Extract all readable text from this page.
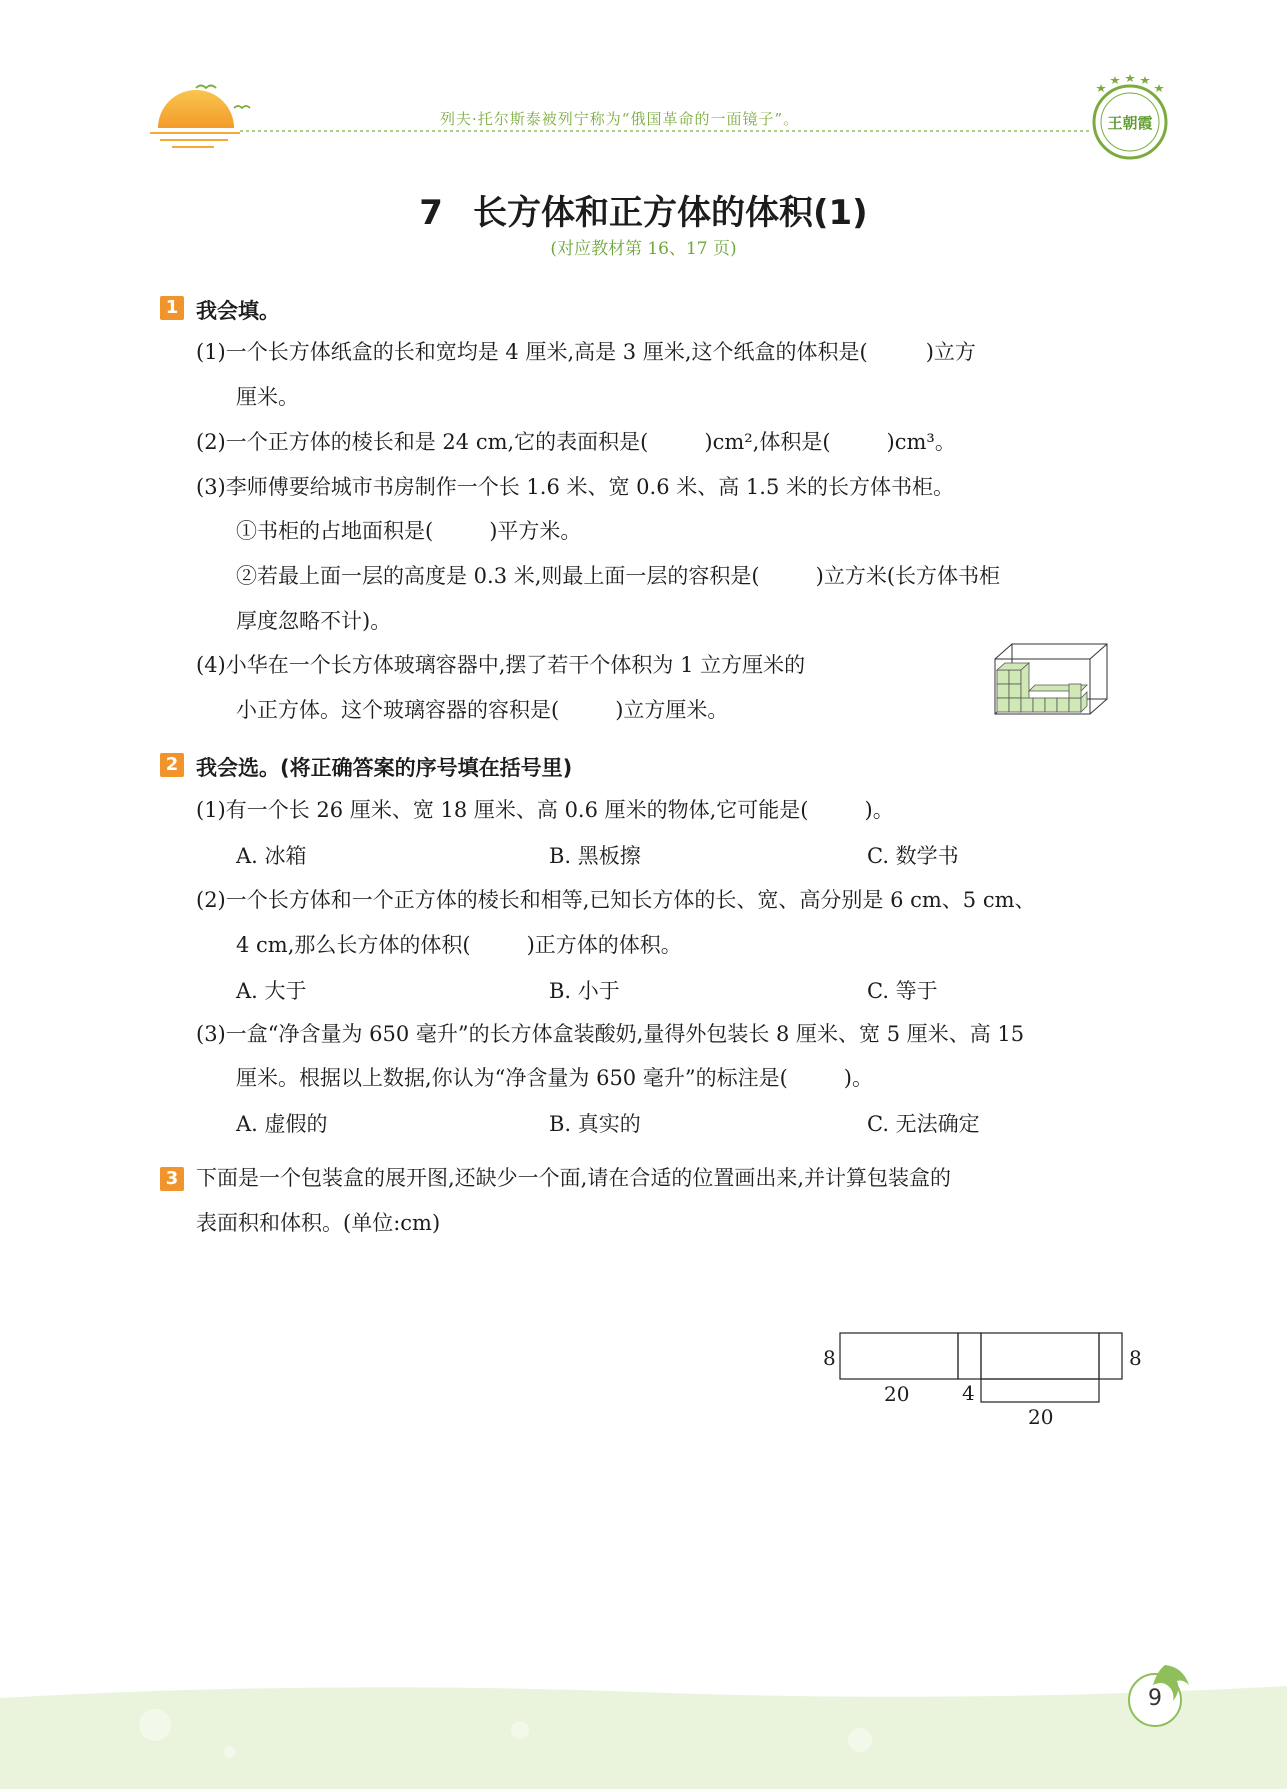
王朝霞
列夫·托尔斯泰被列宁称为“俄国革命的一面镜子”。
7 长方体和正方体的体积(1)
(对应教材第 16、17 页)
1 我会填。
(1)一个长方体纸盒的长和宽均是 4 厘米,高是 3 厘米,这个纸盒的体积是(	)立方
厘米。
(2)一个正方体的棱长和是 24 cm,它的表面积是(	)cm²,体积是(	)cm³。
(3)李师傅要给城市书房制作一个长 1.6 米、宽 0.6 米、高 1.5 米的长方体书柜。
①书柜的占地面积是(	)平方米。
②若最上面一层的高度是 0.3 米,则最上面一层的容积是(	)立方米(长方体书柜
厚度忽略不计)。
(4)小华在一个长方体玻璃容器中,摆了若干个体积为 1 立方厘米的
小正方体。这个玻璃容器的容积是(	)立方厘米。
2 我会选。(将正确答案的序号填在括号里)
(1)有一个长 26 厘米、宽 18 厘米、高 0.6 厘米的物体,它可能是(	)。
A. 冰箱	B. 黑板擦	C. 数学书
(2)一个长方体和一个正方体的棱长和相等,已知长方体的长、宽、高分别是 6 cm、5 cm、
4 cm,那么长方体的体积(	)正方体的体积。
A. 大于	B. 小于	C. 等于
(3)一盒“净含量为 650 毫升”的长方体盒装酸奶,量得外包装长 8 厘米、宽 5 厘米、高 15
厘米。根据以上数据,你认为“净含量为 650 毫升”的标注是(	)。
A. 虚假的	B. 真实的	C. 无法确定
3 下面是一个包装盒的展开图,还缺少一个面,请在合适的位置画出来,并计算包装盒的
表面积和体积。(单位:cm)
8	8
20	4
20
9
